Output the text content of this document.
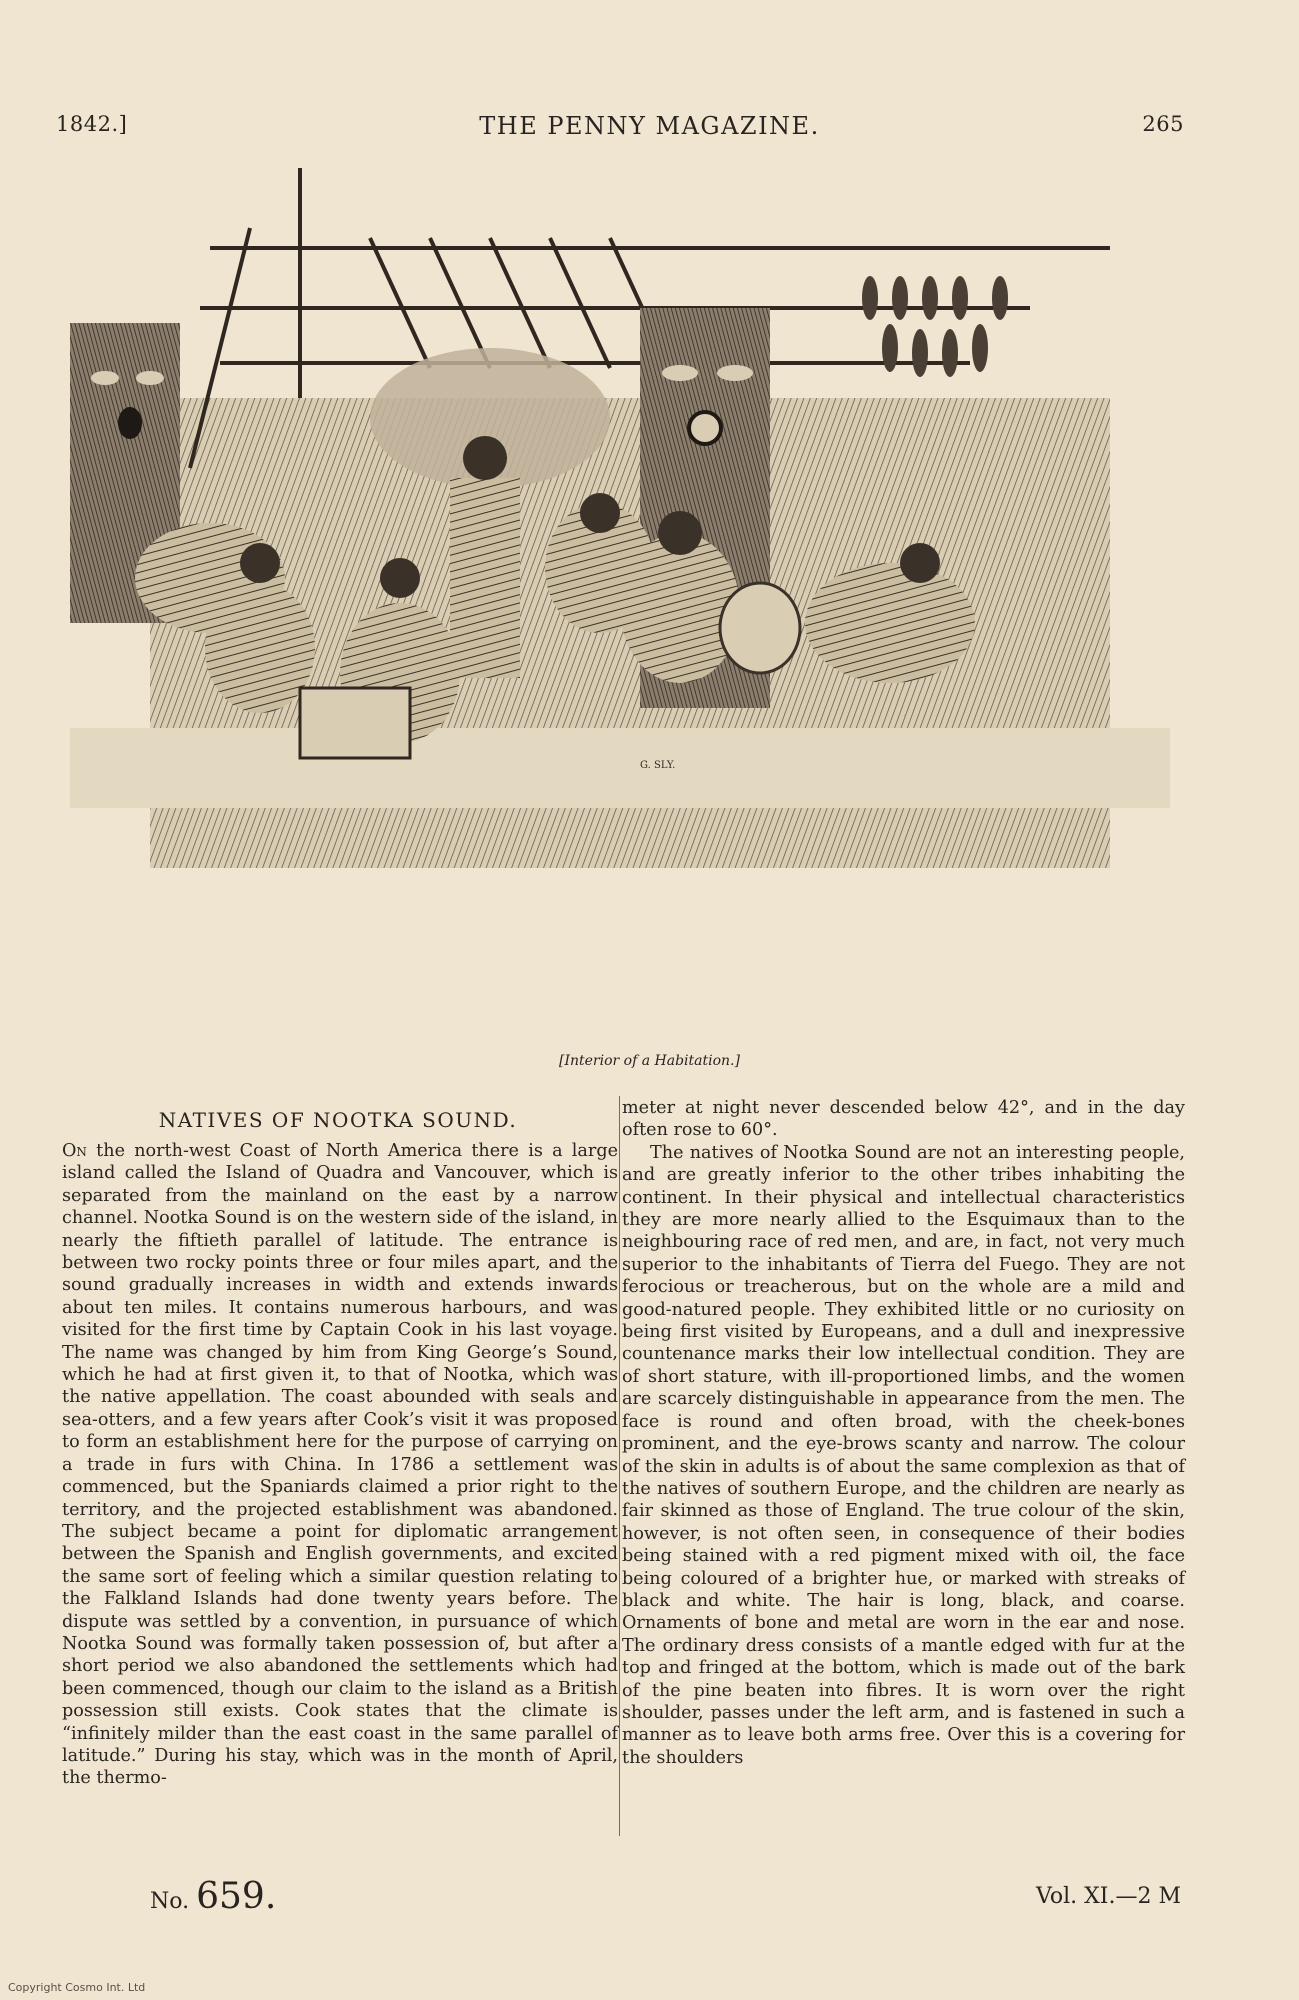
1842.]	THE PENNY MAGAZINE.	265
G. SLY.
[Interior of a Habitation.]
NATIVES OF NOOTKA SOUND.

On the north-west Coast of North America there is a large island called the Island of Quadra and Vancouver, which is separated from the mainland on the east by a narrow channel. Nootka Sound is on the western side of the island, in nearly the fiftieth parallel of latitude. The entrance is between two rocky points three or four miles apart, and the sound gradually increases in width and extends inwards about ten miles. It contains numerous harbours, and was visited for the first time by Captain Cook in his last voyage. The name was changed by him from King George’s Sound, which he had at first given it, to that of Nootka, which was the native appellation. The coast abounded with seals and sea-otters, and a few years after Cook’s visit it was proposed to form an establishment here for the purpose of carrying on a trade in furs with China. In 1786 a settlement was commenced, but the Spaniards claimed a prior right to the territory, and the projected establishment was abandoned. The subject became a point for diplomatic arrangement between the Spanish and English governments, and excited the same sort of feeling which a similar question relating to the Falkland Islands had done twenty years before. The dispute was settled by a convention, in pursuance of which Nootka Sound was formally taken possession of, but after a short period we also abandoned the settlements which had been commenced, though our claim to the island as a British possession still exists. Cook states that the climate is “infinitely milder than the east coast in the same parallel of latitude.” During his stay, which was in the month of April, the thermo-

meter at night never descended below 42°, and in the day often rose to 60°.

The natives of Nootka Sound are not an interesting people, and are greatly inferior to the other tribes inhabiting the continent. In their physical and intellectual characteristics they are more nearly allied to the Esquimaux than to the neighbouring race of red men, and are, in fact, not very much superior to the inhabitants of Tierra del Fuego. They are not ferocious or treacherous, but on the whole are a mild and good-natured people. They exhibited little or no curiosity on being first visited by Europeans, and a dull and inexpressive countenance marks their low intellectual condition. They are of short stature, with ill-proportioned limbs, and the women are scarcely distinguishable in appearance from the men. The face is round and often broad, with the cheek-bones prominent, and the eye-brows scanty and narrow. The colour of the skin in adults is of about the same complexion as that of the natives of southern Europe, and the children are nearly as fair skinned as those of England. The true colour of the skin, however, is not often seen, in consequence of their bodies being stained with a red pigment mixed with oil, the face being coloured of a brighter hue, or marked with streaks of black and white. The hair is long, black, and coarse. Ornaments of bone and metal are worn in the ear and nose. The ordinary dress consists of a mantle edged with fur at the top and fringed at the bottom, which is made out of the bark of the pine beaten into fibres. It is worn over the right shoulder, passes under the left arm, and is fastened in such a manner as to leave both arms free. Over this is a covering for the shoulders

No. 659.	Vol. XI.—2 M
Copyright Cosmo Int. Ltd
